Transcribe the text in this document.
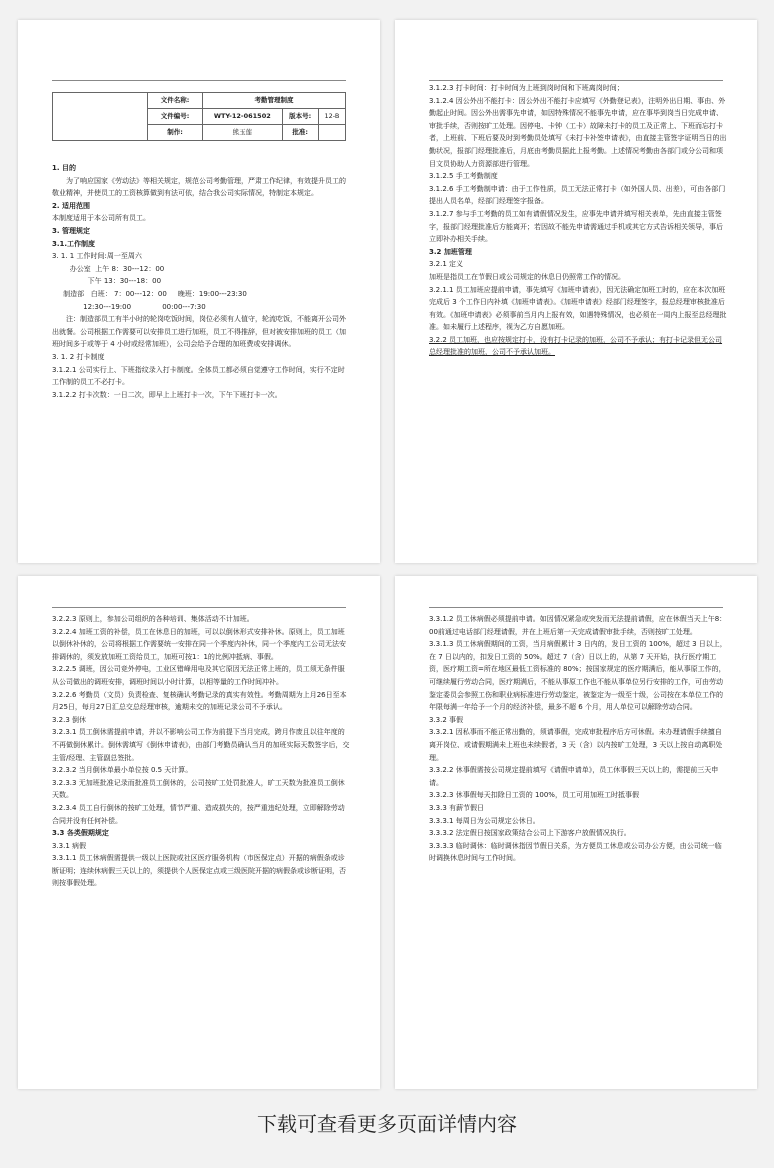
	文件名称:	考勤管理制度		
	文件编号:	WTY-12-061502	版本号:	12-B
	制作:	熊玉莲	批准:	

1. 目的

为了响应国家《劳动法》等相关规定，规范公司考勤管理，严肃工作纪律，有效提升员工的敬业精神，并使员工的工资核算做到有法可依，结合我公司实际情况，特制定本规定。

2. 适用范围

本制度适用于本公司所有员工。

3. 管理规定

3.1.工作制度

3. 1. 1 工作时间:周一至周六

办公室  上午 8：30---12：00

下午 13：30---18：00

制造部   白班： 7：00---12：00     晚班：19:00---23:30

12:30---19:00              00:00---7:30

注：制造部员工有半小时的轮岗吃饭时间，岗位必须有人值守，轮流吃饭，不能离开公司外出就餐。公司根据工作需要可以安排员工进行加班，员工不得推辞，但对被安排加班的员工（加班时间多于或等于 4 小时或经常加班），公司会给予合理的加班费或安排调休。

3. 1. 2 打卡制度

3.1.2.1 公司实行上、下班指纹录入打卡制度。全体员工都必须自觉遵守工作时间，实行不定时工作制的员工不必打卡。

3.1.2.2 打卡次数：一日二次，即早上上班打卡一次，下午下班打卡一次。

3.1.2.3 打卡时间：打卡时间为上班到岗时间和下班离岗时间；

3.1.2.4 因公外出不能打卡：因公外出不能打卡应填写《外勤登记表》，注明外出日期、事由、外勤起止时间。因公外出需事先申请，如因特殊情况不能事先申请，应在事毕到岗当日完成申请、审批手续，否则按旷工处理。因停电、卡钟（工卡）故障未打卡的员工及正常上、下班而忘打卡者，上班前、下班后要及时到考勤员处填写《未打卡补签申请表》，由直接主管签字证明当日的出勤状况，报部门经理批准后，月底由考勤员据此上报考勤。上述情况考勤由各部门或分公司和项目文员协助人力资源部进行管理。

3.1.2.5 手工考勤制度

3.1.2.6 手工考勤制申请：由于工作性质，员工无法正常打卡（如外国人员、出差），可由各部门提出人员名单，经部门经理签字报备。

3.1.2.7 参与手工考勤的员工如有请假情况发生，应事先申请并填写相关表单，先由直接主管签字，报部门经理批准后方能离开；若因故不能先申请需通过手机或其它方式告诉相关领导，事后立即补办相关手续。

3.2 加班管理

3.2.1 定义

加班是指员工在节假日或公司规定的休息日仍照常工作的情况。

3.2.1.1 员工加班应提前申请，事先填写《加班申请表》，因无法确定加班工时的，应在本次加班完成后 3 个工作日内补填《加班申请表》。《加班申请表》经部门经理签字，报总经理审核批准后有效。《加班申请表》必须事前当月内上报有效，如遇特殊情况，也必须在一周内上报至总经理批准。如未履行上述程序，视为乙方自愿加班。

3.2.2 员工加班，也应按规定打卡，没有打卡记录的加班，公司不予承认；有打卡记录但无公司总经理批准的加班，公司不予承认加班。

3.2.2.3 原则上，参加公司组织的各种培训、集体活动不计加班。

3.2.2.4 加班工资的补偿，员工在休息日的加班，可以以倒休形式安排补休。原则上，员工加班以倒休补休的，公司将根据工作需要统一安排在同一个季度内补休，同一个季度内工公司无法安排调休的，须发放加班工资给员工，加班可按1：1的比例冲抵病、事假。

3.2.2.5 调班，因公司竞外停电，工业区错峰用电及其它原因无法正常上班的，员工须无条件服从公司做出的调班安排，调班时间以小时计算，以相等量的工作时间冲补。

3.2.2.6 考勤员（文员）负责检查、复核确认考勤记录的真实有效性。考勤周期为上月26日至本月25日，每月27日汇总交总经理审核，逾期未交的加班记录公司不予承认。

3.2.3 倒休

3.2.3.1 员工倒休需提前申请，并以不影响公司工作为前提下当月完成，跨月作废且以往年度的不再做倒休累计。倒休需填写《倒休申请表》，由部门考勤员确认当月的加班实际天数签字后，交主管/经理、主管副总签批。

3.2.3.2 当月倒休单最小单位按 0.5 天计算。

3.2.3.3 无加班批准记录而批准员工倒休的，公司按旷工处罚批准人，旷工天数为批准员工倒休天数。

3.2.3.4 员工自行倒休的按旷工处理，情节严重、造成损失的，按严重违纪处理，立即解除劳动合同并没有任何补偿。

3.3 各类假期规定

3.3.1 病假

3.3.1.1 员工休病假需提供一级以上医院或社区医疗服务机构（市医保定点）开据的病假条或诊断证明；连续休病假三天以上的，须提供个人医保定点或三级医院开据的病假条或诊断证明，否则按事假处理。

3.3.1.2 员工休病假必须提前申请。如因情况紧急或突发而无法提前请假，应在休假当天上午8：00前通过电话部门经理请假，并在上班后第一天完成请假审批手续，否则按旷工处理。

3.3.1.3 员工休病假期间的工资，当月病假累计 3 日内的，发日工资的 100%，超过 3 日以上，在 7 日以内的，扣发日工资的 50%。超过 7（含）日以上的，从第 7 天开始，执行医疗期工资，医疗期工资=所在地区最低工资标准的 80%；按国家规定的医疗期满后，能从事原工作的，可继续履行劳动合同，医疗期满后，不能从事原工作也不能从事单位另行安排的工作，可由劳动鉴定委员会参照工伤和职业病标准进行劳动鉴定，被鉴定为一级至十级，公司按在本单位工作的年限每满一年给予一个月的经济补偿，最多不超 6 个月，用人单位可以解除劳动合同。

3.3.2 事假

3.3.2.1 因私事而不能正常出勤的，须请事假，完成审批程序后方可休假。未办理请假手续擅自离开岗位、或请假期满未上班也未续假者，3 天（含）以内按旷工处理，3 天以上按自动离职处理。

3.3.2.2 休事假需按公司规定提前填写《请假申请单》，员工休事假三天以上的，需提前三天申请。

3.3.2.3 休事假每天扣除日工资的 100%，员工可用加班工时抵事假

3.3.3 有薪节假日

3.3.3.1 每周日为公司规定公休日。

3.3.3.2 法定假日按国家政策结合公司上下游客户放假情况执行。

3.3.3.3 临时调休：临时调休指因节假日关系，为方便员工休息或公司办公方便，由公司统一临时调换休息时间与工作时间。

下载可查看更多页面详情内容
